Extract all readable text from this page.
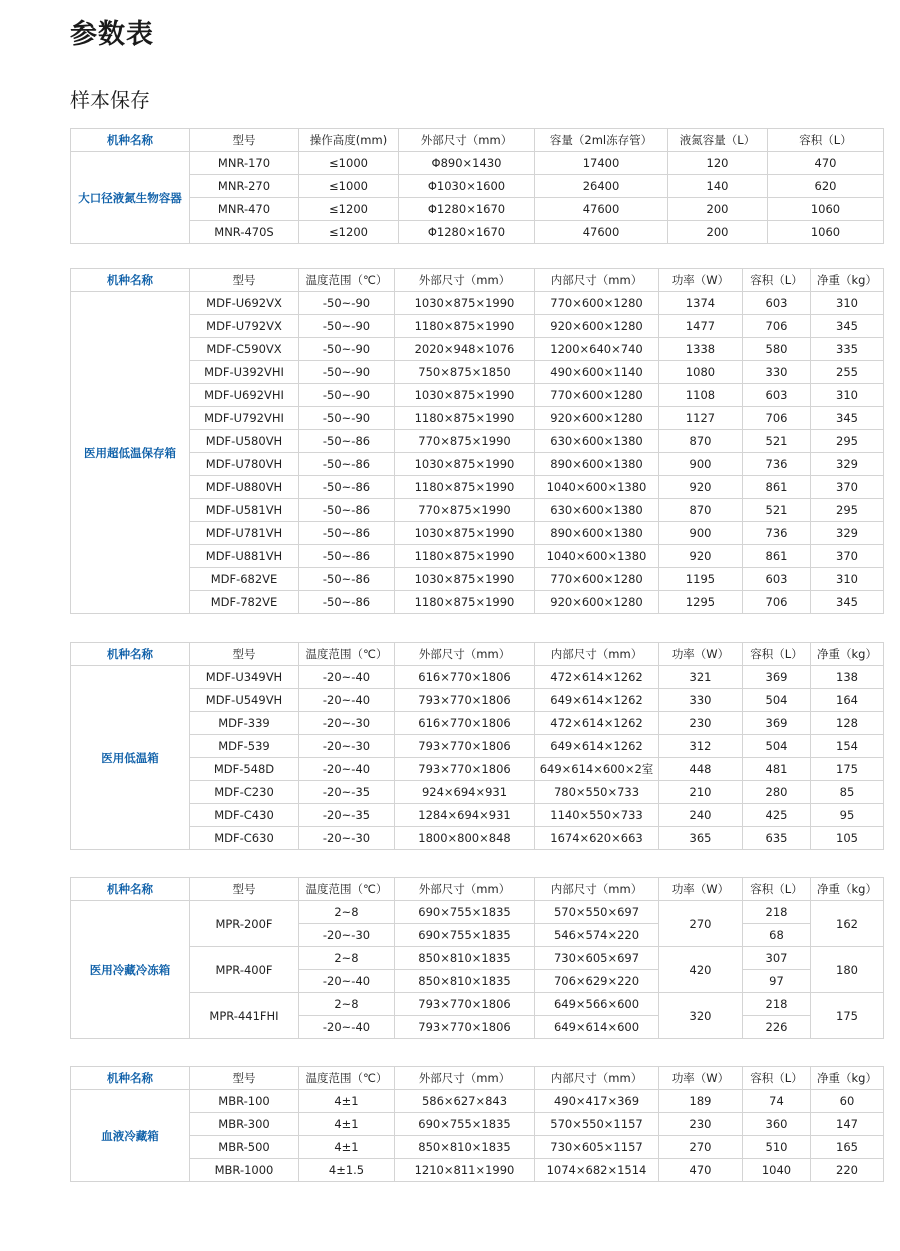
参数表
样本保存
机种名称	型号	操作高度(mm)	外部尺寸（mm）	容量（2ml冻存管）	液氮容量（L）	容积（L）
大口径液氮生物容器	MNR-170	≤1000	Φ890×1430	17400	120	470
	MNR-270	≤1000	Φ1030×1600	26400	140	620
	MNR-470	≤1200	Φ1280×1670	47600	200	1060
	MNR-470S	≤1200	Φ1280×1670	47600	200	1060
机种名称	型号	温度范围（℃）	外部尺寸（mm）	内部尺寸（mm）	功率（W）	容积（L）	净重（kg）
医用超低温保存箱	MDF-U692VX	-50~-90	1030×875×1990	770×600×1280	1374	603	310
	MDF-U792VX	-50~-90	1180×875×1990	920×600×1280	1477	706	345
	MDF-C590VX	-50~-90	2020×948×1076	1200×640×740	1338	580	335
	MDF-U392VHI	-50~-90	750×875×1850	490×600×1140	1080	330	255
	MDF-U692VHI	-50~-90	1030×875×1990	770×600×1280	1108	603	310
	MDF-U792VHI	-50~-90	1180×875×1990	920×600×1280	1127	706	345
	MDF-U580VH	-50~-86	770×875×1990	630×600×1380	870	521	295
	MDF-U780VH	-50~-86	1030×875×1990	890×600×1380	900	736	329
	MDF-U880VH	-50~-86	1180×875×1990	1040×600×1380	920	861	370
	MDF-U581VH	-50~-86	770×875×1990	630×600×1380	870	521	295
	MDF-U781VH	-50~-86	1030×875×1990	890×600×1380	900	736	329
	MDF-U881VH	-50~-86	1180×875×1990	1040×600×1380	920	861	370
	MDF-682VE	-50~-86	1030×875×1990	770×600×1280	1195	603	310
	MDF-782VE	-50~-86	1180×875×1990	920×600×1280	1295	706	345
机种名称	型号	温度范围（℃）	外部尺寸（mm）	内部尺寸（mm）	功率（W）	容积（L）	净重（kg）
医用低温箱	MDF-U349VH	-20~-40	616×770×1806	472×614×1262	321	369	138
	MDF-U549VH	-20~-40	793×770×1806	649×614×1262	330	504	164
	MDF-339	-20~-30	616×770×1806	472×614×1262	230	369	128
	MDF-539	-20~-30	793×770×1806	649×614×1262	312	504	154
	MDF-548D	-20~-40	793×770×1806	649×614×600×2室	448	481	175
	MDF-C230	-20~-35	924×694×931	780×550×733	210	280	85
	MDF-C430	-20~-35	1284×694×931	1140×550×733	240	425	95
	MDF-C630	-20~-30	1800×800×848	1674×620×663	365	635	105
机种名称	型号	温度范围（℃）	外部尺寸（mm）	内部尺寸（mm）	功率（W）	容积（L）	净重（kg）
医用冷藏冷冻箱	MPR-200F	2~8	690×755×1835	570×550×697	270	218	162
		-20~-30	690×755×1835	546×574×220		68	
	MPR-400F	2~8	850×810×1835	730×605×697	420	307	180
		-20~-40	850×810×1835	706×629×220		97	
	MPR-441FHI	2~8	793×770×1806	649×566×600	320	218	175
		-20~-40	793×770×1806	649×614×600		226	
机种名称	型号	温度范围（℃）	外部尺寸（mm）	内部尺寸（mm）	功率（W）	容积（L）	净重（kg）
血液冷藏箱	MBR-100	4±1	586×627×843	490×417×369	189	74	60
	MBR-300	4±1	690×755×1835	570×550×1157	230	360	147
	MBR-500	4±1	850×810×1835	730×605×1157	270	510	165
	MBR-1000	4±1.5	1210×811×1990	1074×682×1514	470	1040	220
